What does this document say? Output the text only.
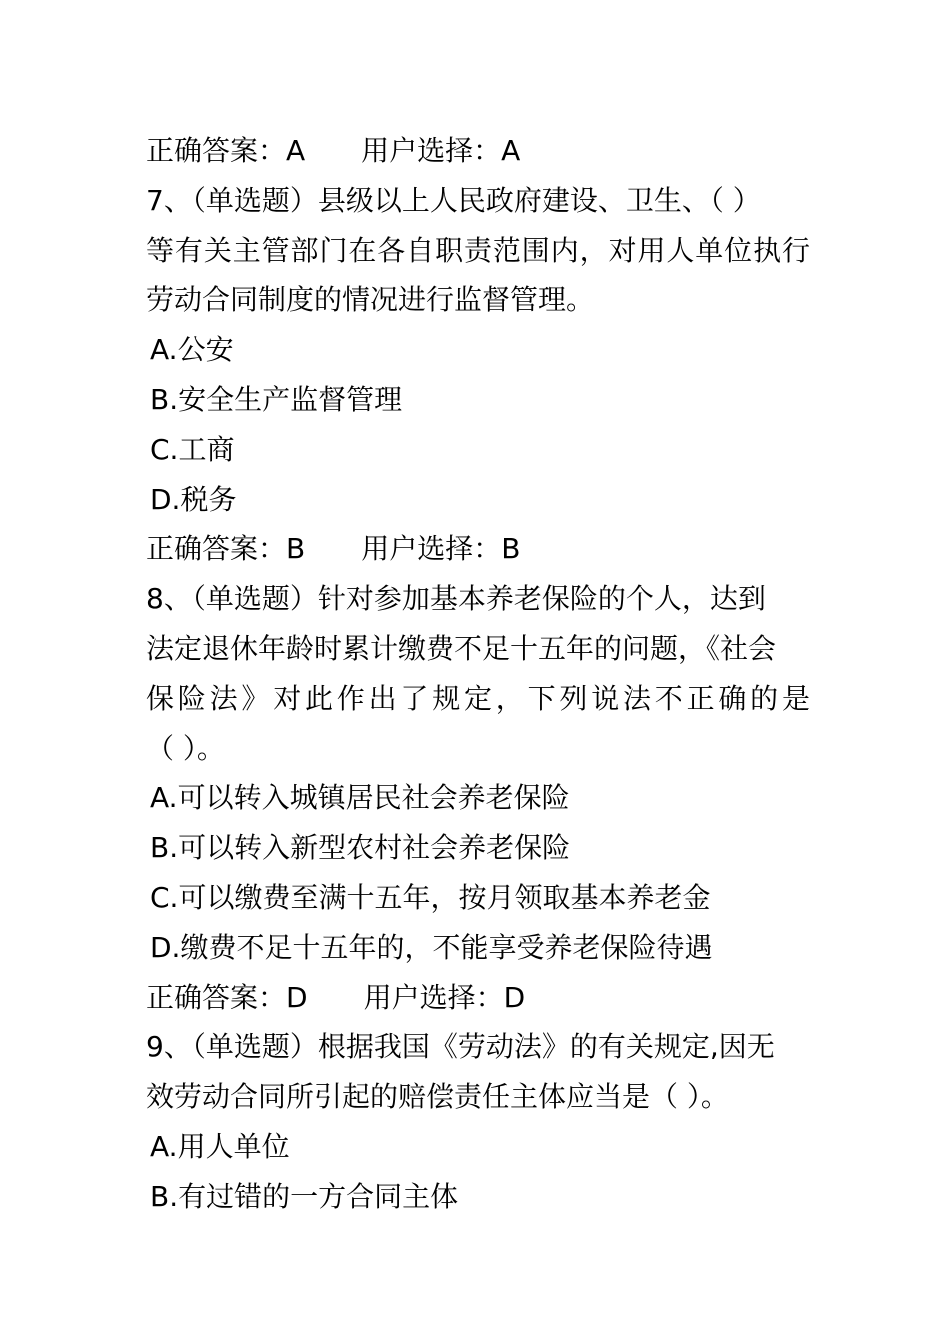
正确答案：A 用户选择：A
7、（单选题）县级以上人民政府建设、卫生、（ ）
等有关主管部门在各自职责范围内，对用人单位执行
劳动合同制度的情况进行监督管理。
A.公安
B.安全生产监督管理
C.工商
D.税务
正确答案：B 用户选择：B
8、（单选题）针对参加基本养老保险的个人，达到
法定退休年龄时累计缴费不足十五年的问题，《社会
保险法》对此作出了规定，下列说法不正确的是
（ ）。
A.可以转入城镇居民社会养老保险
B.可以转入新型农村社会养老保险
C.可以缴费至满十五年，按月领取基本养老金
D.缴费不足十五年的，不能享受养老保险待遇
正确答案：D 用户选择：D
9、（单选题）根据我国《劳动法》的有关规定,因无
效劳动合同所引起的赔偿责任主体应当是（ ）。
A.用人单位
B.有过错的一方合同主体
